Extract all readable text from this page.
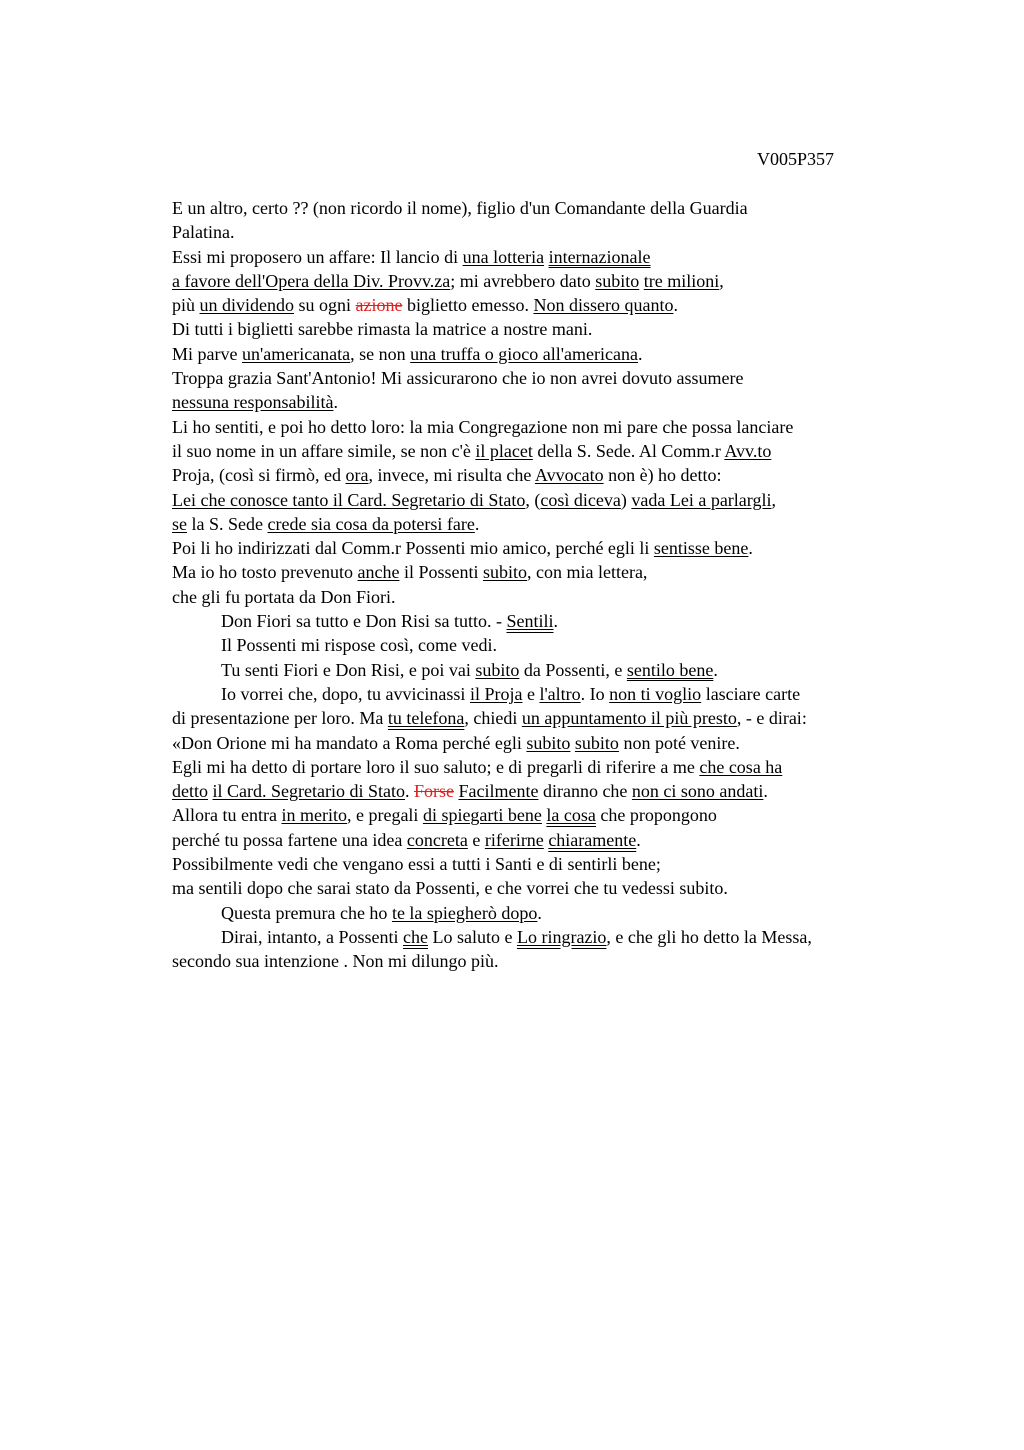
V005P357
E un altro, certo ?? (non ricordo il nome), figlio d'un Comandante della Guardia
Palatina.
Essi mi proposero un affare: Il lancio di una lotteria internazionale
a favore dell'Opera della Div. Provv.za; mi avrebbero dato subito tre milioni,
più un dividendo su ogni azione biglietto emesso. Non dissero quanto.
Di tutti i biglietti sarebbe rimasta la matrice a nostre mani.
Mi parve un'americanata, se non una truffa o gioco all'americana.
Troppa grazia Sant'Antonio! Mi assicurarono che io non avrei dovuto assumere
nessuna responsabilità.
Li ho sentiti, e poi ho detto loro: la mia Congregazione non mi pare che possa lanciare
il suo nome in un affare simile, se non c'è il placet della S. Sede. Al Comm.r Avv.to
Proja, (così si firmò, ed ora, invece, mi risulta che Avvocato non è) ho detto:
Lei che conosce tanto il Card. Segretario di Stato, (così diceva) vada Lei a parlargli,
se la S. Sede crede sia cosa da potersi fare.
Poi li ho indirizzati dal Comm.r Possenti mio amico, perché egli li sentisse bene.
Ma io ho tosto prevenuto anche il Possenti subito, con mia lettera,
che gli fu portata da Don Fiori.
Don Fiori sa tutto e Don Risi sa tutto. - Sentili.
Il Possenti mi rispose così, come vedi.
Tu senti Fiori e Don Risi, e poi vai subito da Possenti, e sentilo bene.
Io vorrei che, dopo, tu avvicinassi il Proja e l'altro. Io non ti voglio lasciare carte
di presentazione per loro. Ma tu telefona, chiedi un appuntamento il più presto, - e dirai:
«Don Orione mi ha mandato a Roma perché egli subito subito non poté venire.
Egli mi ha detto di portare loro il suo saluto; e di pregarli di riferire a me che cosa ha
detto il Card. Segretario di Stato. Forse Facilmente diranno che non ci sono andati.
Allora tu entra in merito, e pregali di spiegarti bene la cosa che propongono
perché tu possa fartene una idea concreta e riferirne chiaramente.
Possibilmente vedi che vengano essi a tutti i Santi e di sentirli bene;
ma sentili dopo che sarai stato da Possenti, e che vorrei che tu vedessi subito.
Questa premura che ho te la spiegherò dopo.
Dirai, intanto, a Possenti che Lo saluto e Lo ringrazio, e che gli ho detto la Messa,
secondo sua intenzione . Non mi dilungo più.
